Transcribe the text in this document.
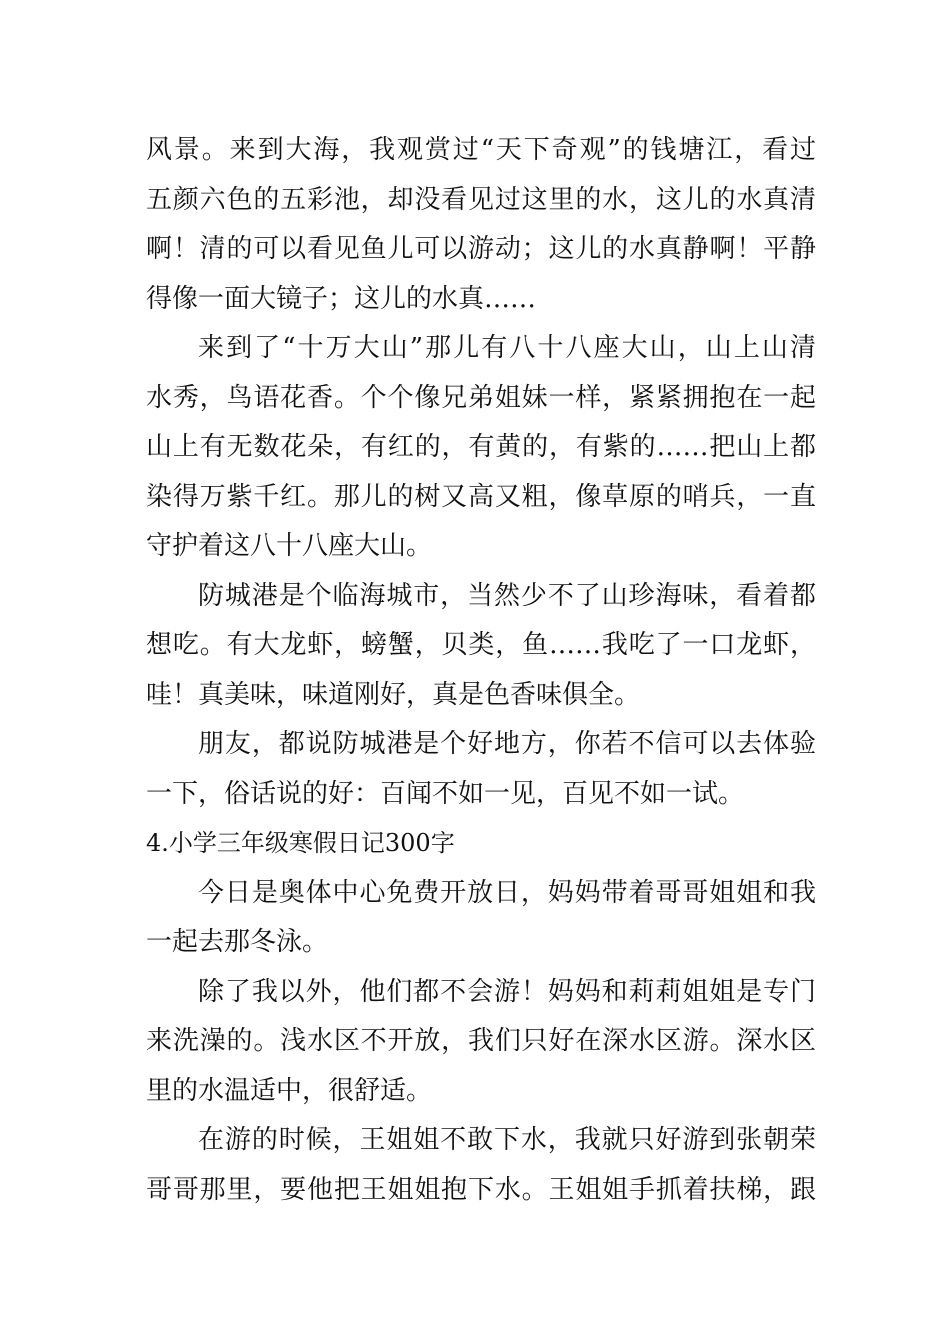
风景。来到大海，我观赏过“天下奇观”的钱塘江，看过
五颜六色的五彩池，却没看见过这里的水，这儿的水真清
啊！清的可以看见鱼儿可以游动；这儿的水真静啊！平静
得像一面大镜子；这儿的水真……
来到了“十万大山”那儿有八十八座大山，山上山清
水秀，鸟语花香。个个像兄弟姐妹一样，紧紧拥抱在一起
山上有无数花朵，有红的，有黄的，有紫的……把山上都
染得万紫千红。那儿的树又高又粗，像草原的哨兵，一直
守护着这八十八座大山。
防城港是个临海城市，当然少不了山珍海味，看着都
想吃。有大龙虾，螃蟹，贝类，鱼……我吃了一口龙虾，
哇！真美味，味道刚好，真是色香味俱全。
朋友，都说防城港是个好地方，你若不信可以去体验
一下，俗话说的好：百闻不如一见，百见不如一试。
4.小学三年级寒假日记300字
今日是奥体中心免费开放日，妈妈带着哥哥姐姐和我
一起去那冬泳。
除了我以外，他们都不会游！妈妈和莉莉姐姐是专门
来洗澡的。浅水区不开放，我们只好在深水区游。深水区
里的水温适中，很舒适。
在游的时候，王姐姐不敢下水，我就只好游到张朝荣
哥哥那里，要他把王姐姐抱下水。王姐姐手抓着扶梯，跟
